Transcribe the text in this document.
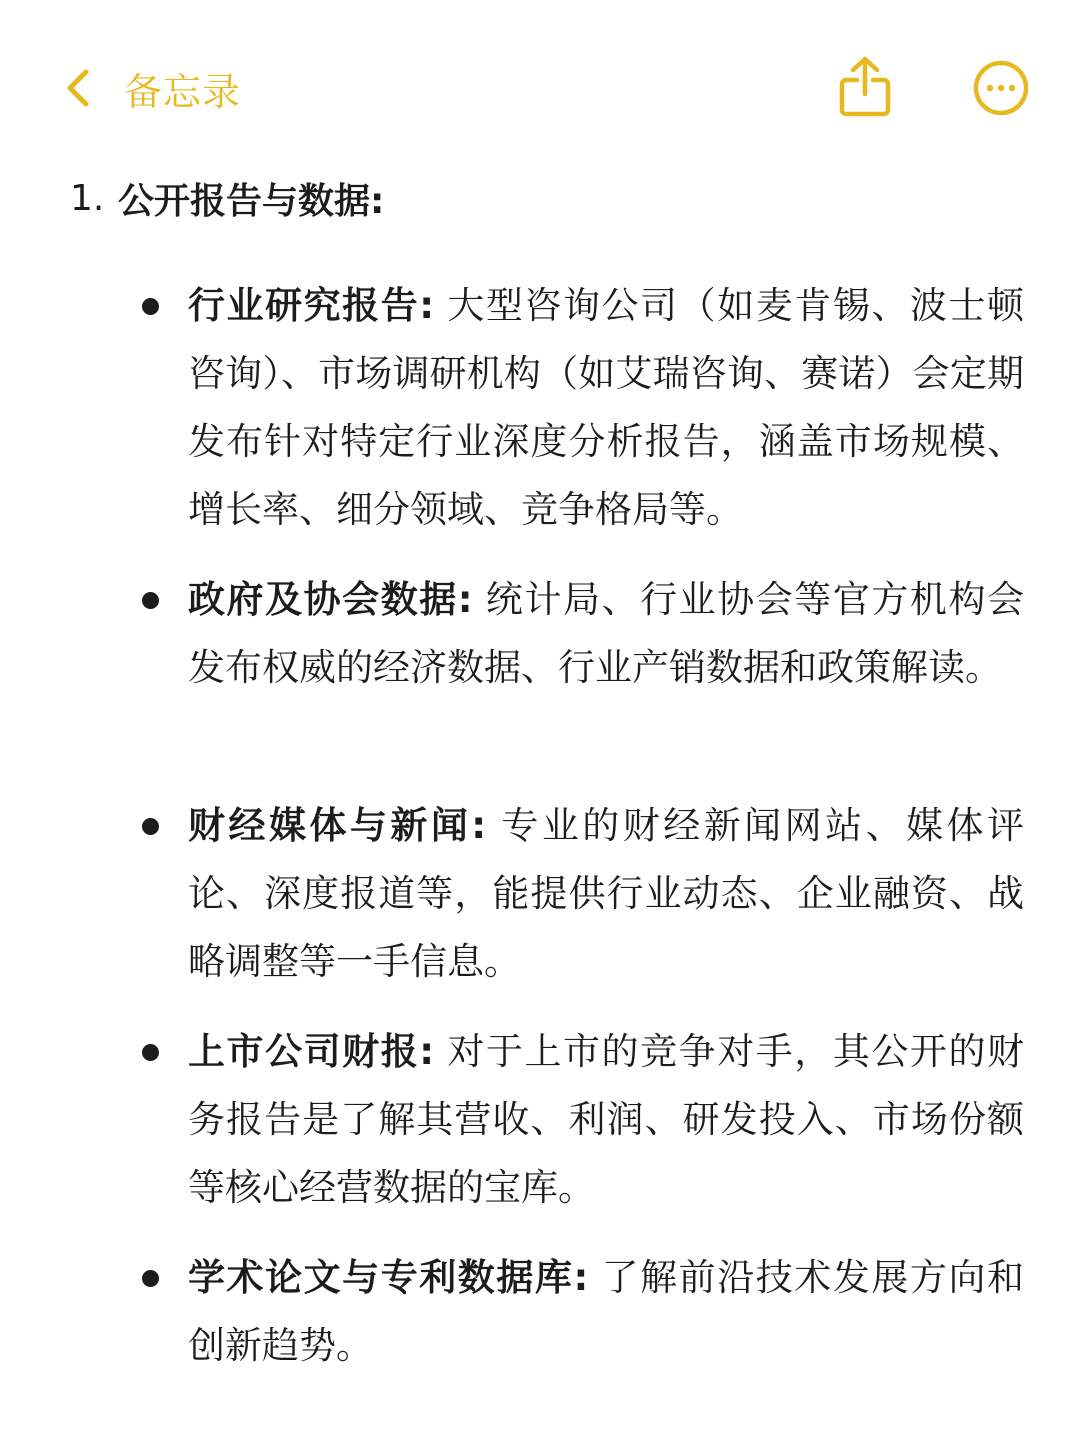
备忘录
1. 公开报告与数据:
行业研究报告: 大型咨询公司（如麦肯锡、波士顿咨询）、市场调研机构（如艾瑞咨询、赛诺）会定期发布针对特定行业深度分析报告，涵盖市场规模、增长率、细分领域、竞争格局等。
政府及协会数据: 统计局、行业协会等官方机构会发布权威的经济数据、行业产销数据和政策解读。
财经媒体与新闻: 专业的财经新闻网站、媒体评论、深度报道等，能提供行业动态、企业融资、战略调整等一手信息。
上市公司财报: 对于上市的竞争对手，其公开的财务报告是了解其营收、利润、研发投入、市场份额等核心经营数据的宝库。
学术论文与专利数据库: 了解前沿技术发展方向和创新趋势。
